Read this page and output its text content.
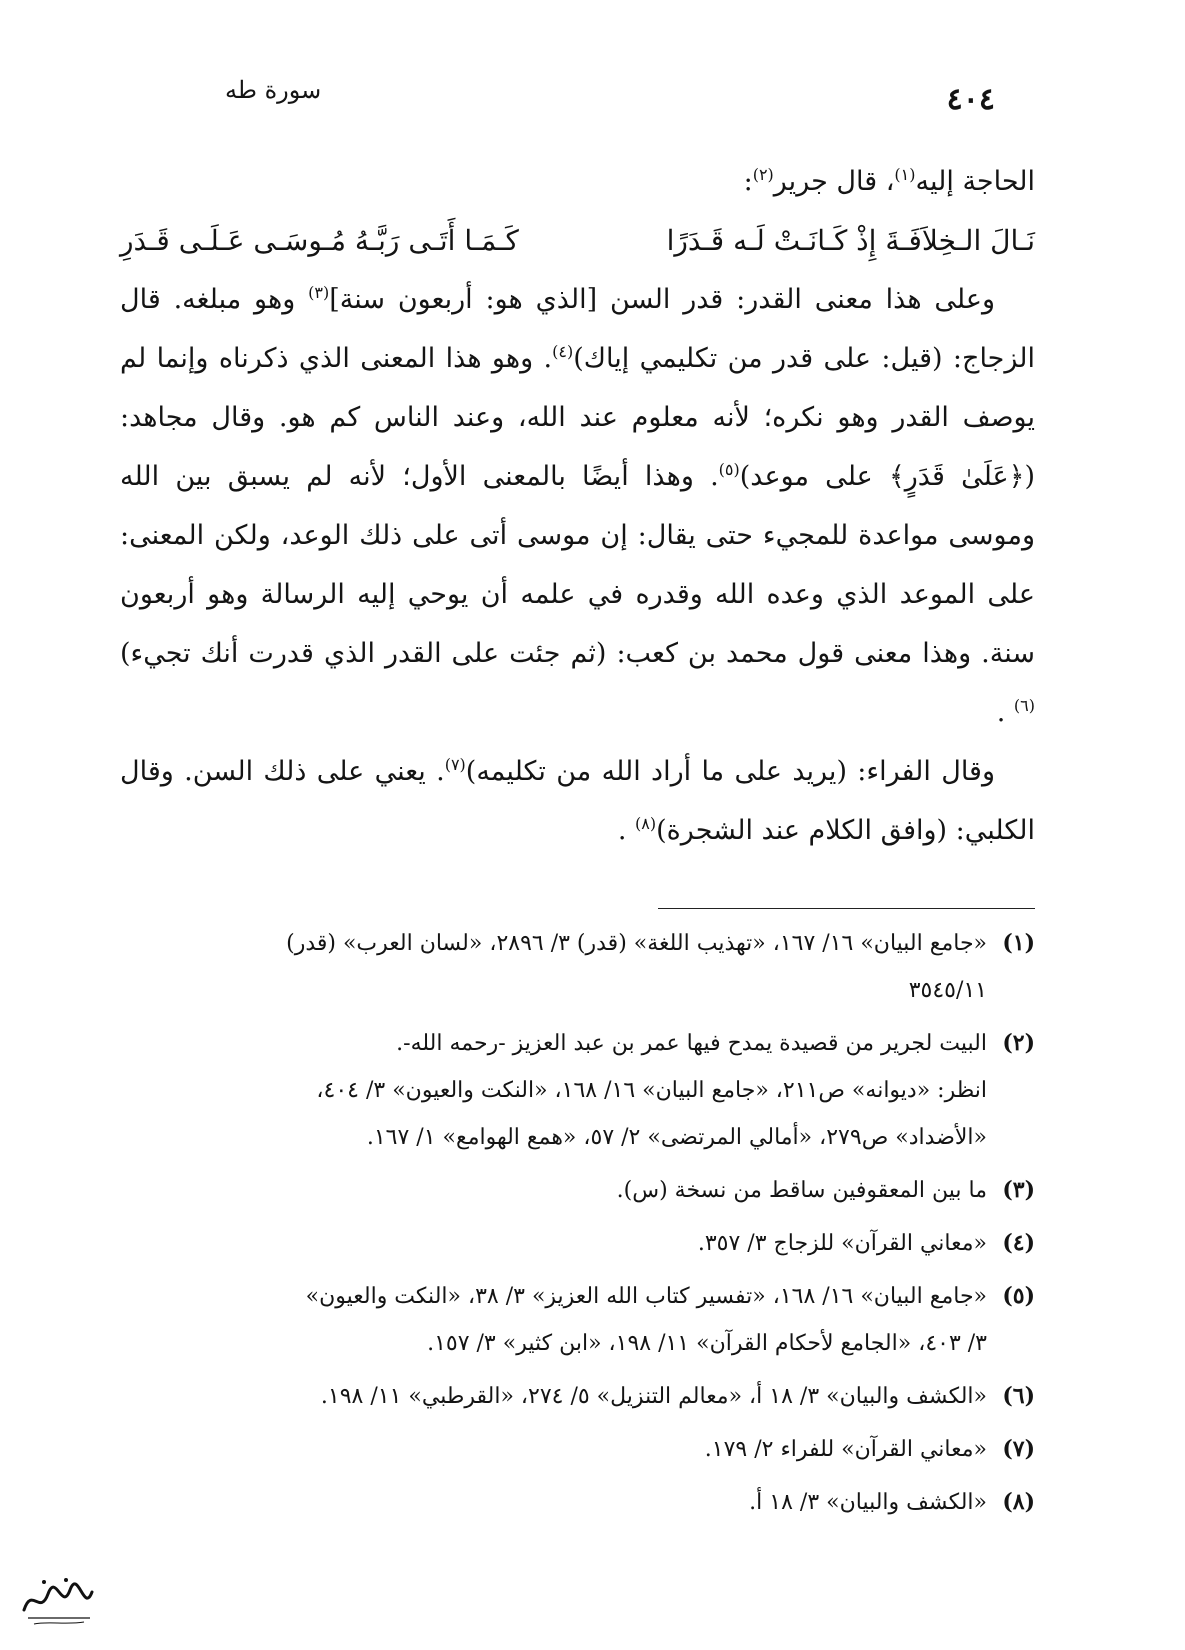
٤٠٤
سورة طه

الحاجة إليه$^{(١)}$، قال جرير$^{(٢)}$:

نَـالَ الـخِلاَفَـةَ إِذْ كَـانَـتْ لَـه قَـدَرًا
كَـمَـا أَتَـى رَبَّـهُ مُـوسَـى عَـلَـى قَـدَرِ

وعلى هذا معنى القدر: قدر السن [الذي هو: أربعون سنة]$^{(٣)}$ وهو مبلغه. قال الزجاج: (قيل: على قدر من تكليمي إياك)$^{(٤)}$. وهو هذا المعنى الذي ذكرناه وإنما لم يوصف القدر وهو نكره؛ لأنه معلوم عند الله، وعند الناس كم هو. وقال مجاهد: (﴿عَلَىٰ قَدَرٍ﴾ على موعد)$^{(٥)}$. وهذا أيضًا بالمعنى الأول؛ لأنه لم يسبق بين الله وموسى مواعدة للمجيء حتى يقال: إن موسى أتى على ذلك الوعد، ولكن المعنى: على الموعد الذي وعده الله وقدره في علمه أن يوحي إليه الرسالة وهو أربعون سنة. وهذا معنى قول محمد بن كعب: (ثم جئت على القدر الذي قدرت أنك تجيء)$^{(٦)}$ .

وقال الفراء: (يريد على ما أراد الله من تكليمه)$^{(٧)}$. يعني على ذلك السن. وقال الكلبي: (وافق الكلام عند الشجرة)$^{(٨)}$ .

(١)
«جامع البيان» ١٦/ ١٦٧، «تهذيب اللغة» (قدر) ٣/ ٢٨٩٦، «لسان العرب» (قدر)
٣٥٤٥/١١
(٢)
البيت لجرير من قصيدة يمدح فيها عمر بن عبد العزيز -رحمه الله-.
انظر: «ديوانه» ص٢١١، «جامع البيان» ١٦/ ١٦٨، «النكت والعيون» ٣/ ٤٠٤،
«الأضداد» ص٢٧٩، «أمالي المرتضى» ٢/ ٥٧، «همع الهوامع» ١/ ١٦٧.
(٣)
ما بين المعقوفين ساقط من نسخة (س).
(٤)
«معاني القرآن» للزجاج ٣/ ٣٥٧.
(٥)
«جامع البيان» ١٦/ ١٦٨، «تفسير كتاب الله العزيز» ٣/ ٣٨، «النكت والعيون»
٣/ ٤٠٣، «الجامع لأحكام القرآن» ١١/ ١٩٨، «ابن كثير» ٣/ ١٥٧.
(٦)
«الكشف والبيان» ٣/ ١٨ أ، «معالم التنزيل» ٥/ ٢٧٤، «القرطبي» ١١/ ١٩٨.
(٧)
«معاني القرآن» للفراء ٢/ ١٧٩.
(٨)
«الكشف والبيان» ٣/ ١٨ أ.
